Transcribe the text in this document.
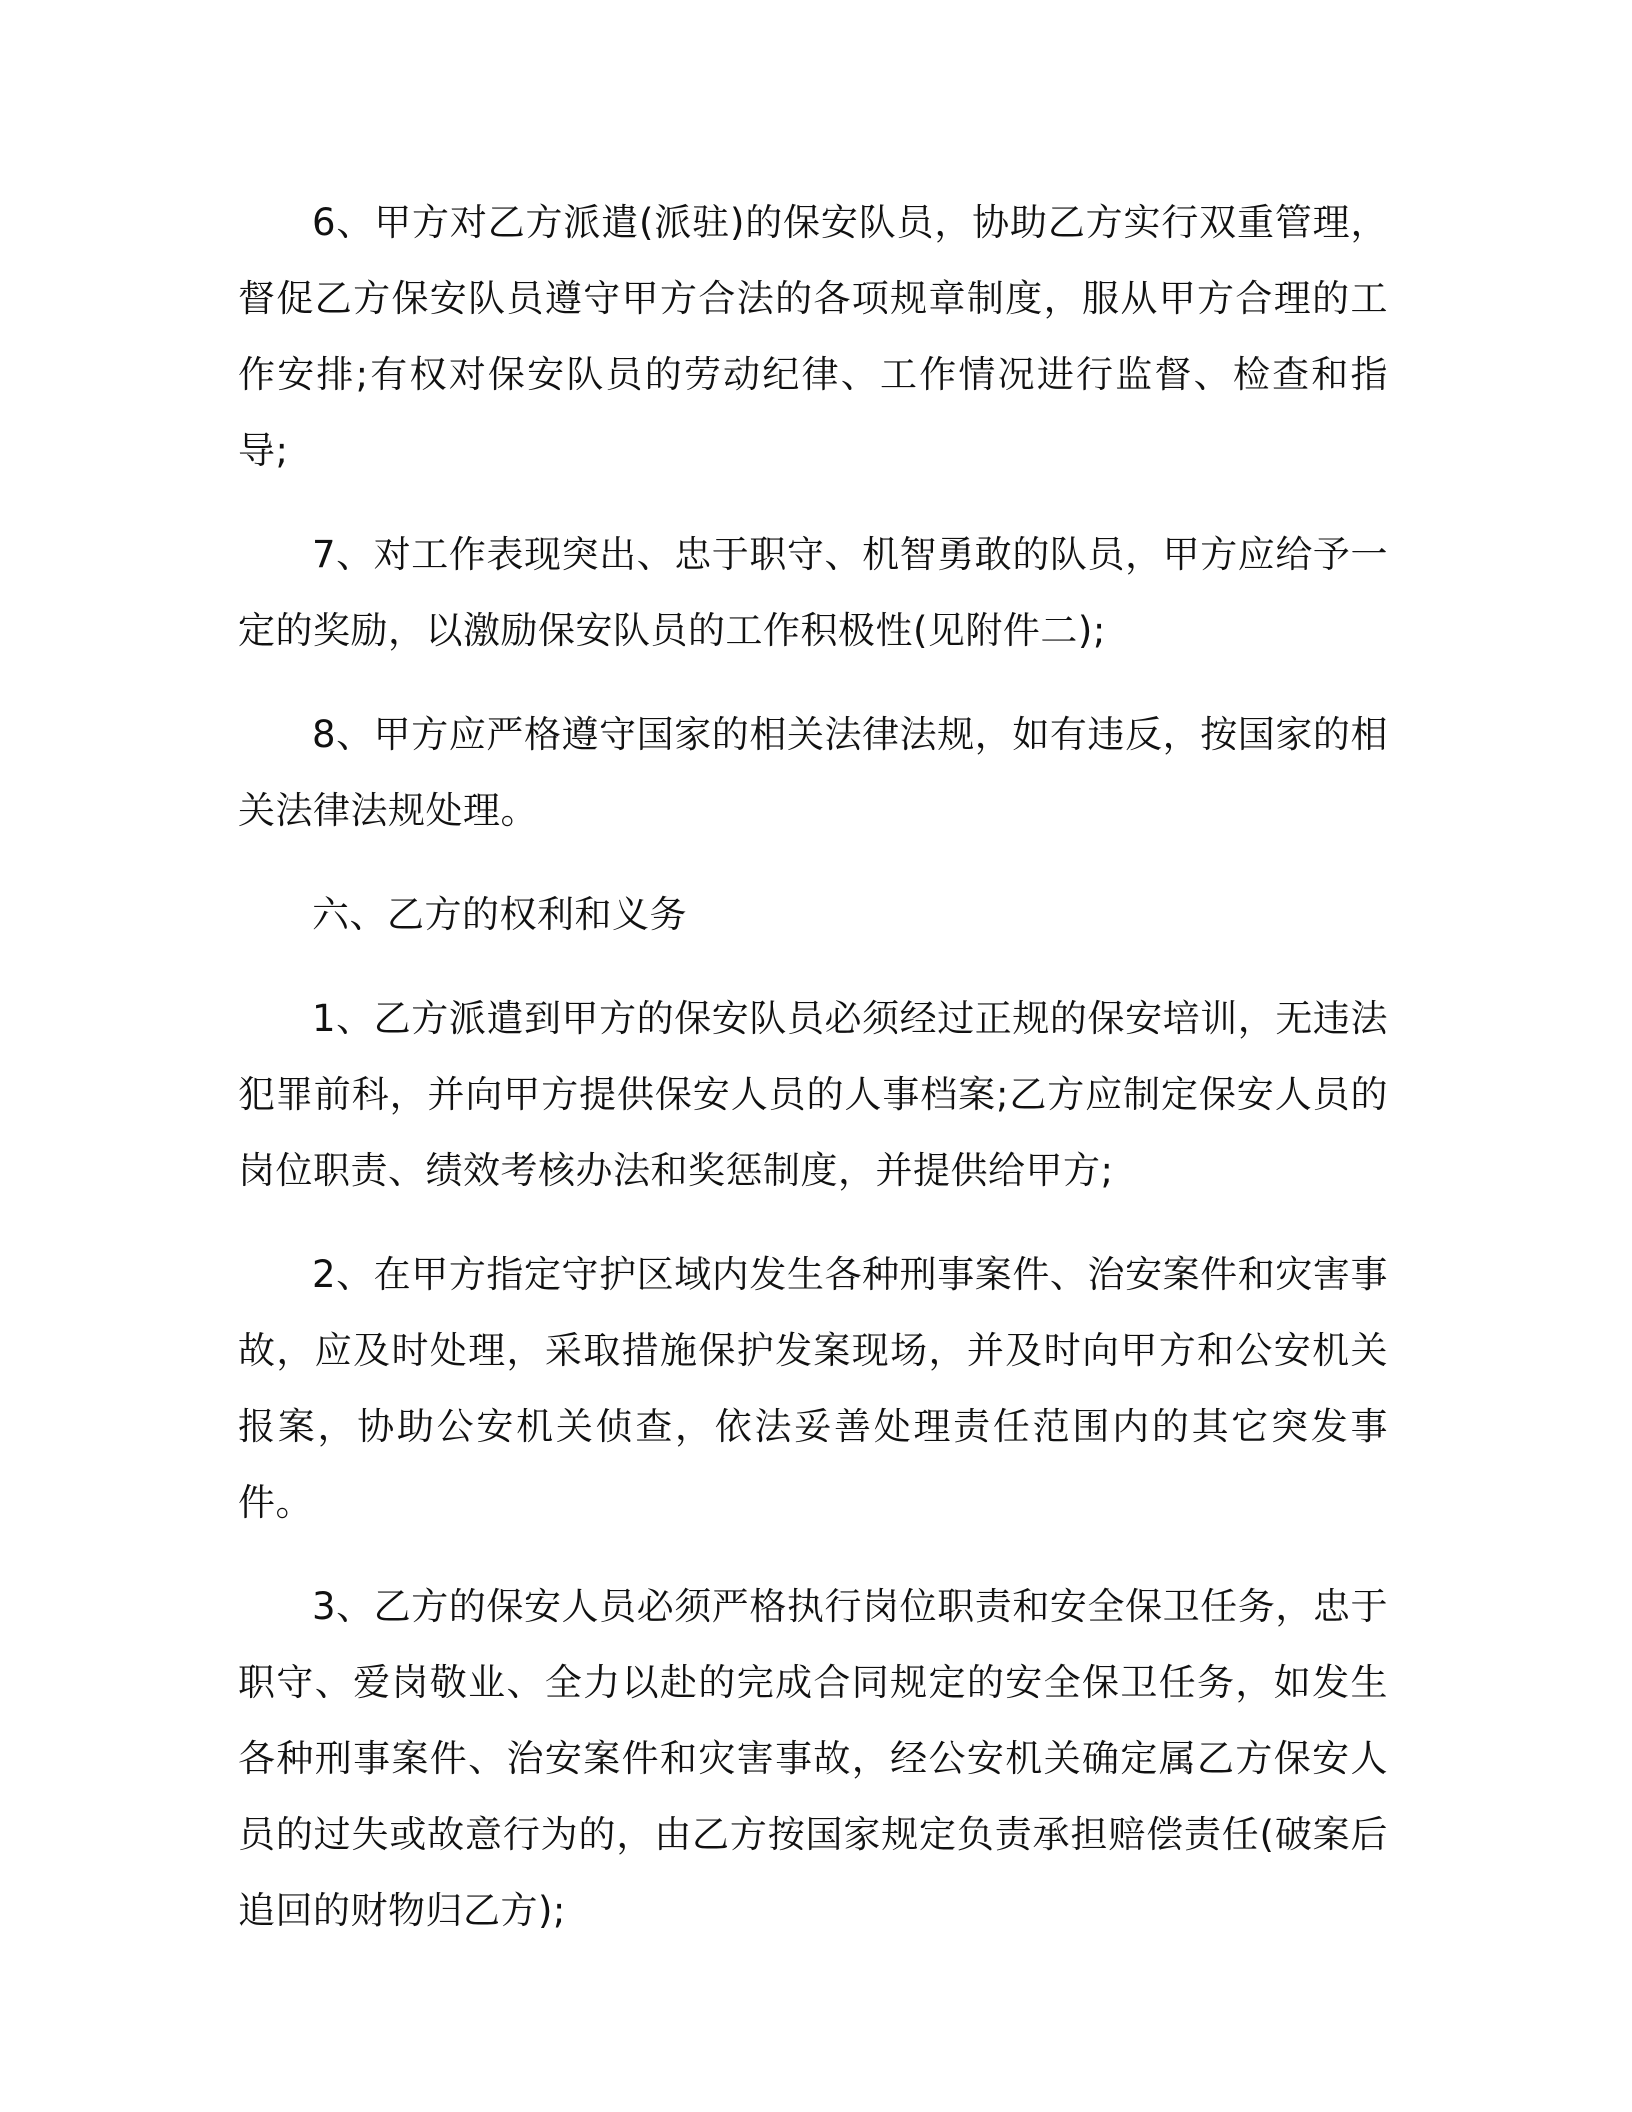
6、甲方对乙方派遣(派驻)的保安队员，协助乙方实行双重管理，督促乙方保安队员遵守甲方合法的各项规章制度，服从甲方合理的工作安排;有权对保安队员的劳动纪律、工作情况进行监督、检查和指导;

7、对工作表现突出、忠于职守、机智勇敢的队员，甲方应给予一定的奖励，以激励保安队员的工作积极性(见附件二);

8、甲方应严格遵守国家的相关法律法规，如有违反，按国家的相关法律法规处理。

六、乙方的权利和义务

1、乙方派遣到甲方的保安队员必须经过正规的保安培训，无违法犯罪前科，并向甲方提供保安人员的人事档案;乙方应制定保安人员的岗位职责、绩效考核办法和奖惩制度，并提供给甲方;

2、在甲方指定守护区域内发生各种刑事案件、治安案件和灾害事故，应及时处理，采取措施保护发案现场，并及时向甲方和公安机关报案，协助公安机关侦查，依法妥善处理责任范围内的其它突发事件。

3、乙方的保安人员必须严格执行岗位职责和安全保卫任务，忠于职守、爱岗敬业、全力以赴的完成合同规定的安全保卫任务，如发生各种刑事案件、治安案件和灾害事故，经公安机关确定属乙方保安人员的过失或故意行为的，由乙方按国家规定负责承担赔偿责任(破案后追回的财物归乙方);
